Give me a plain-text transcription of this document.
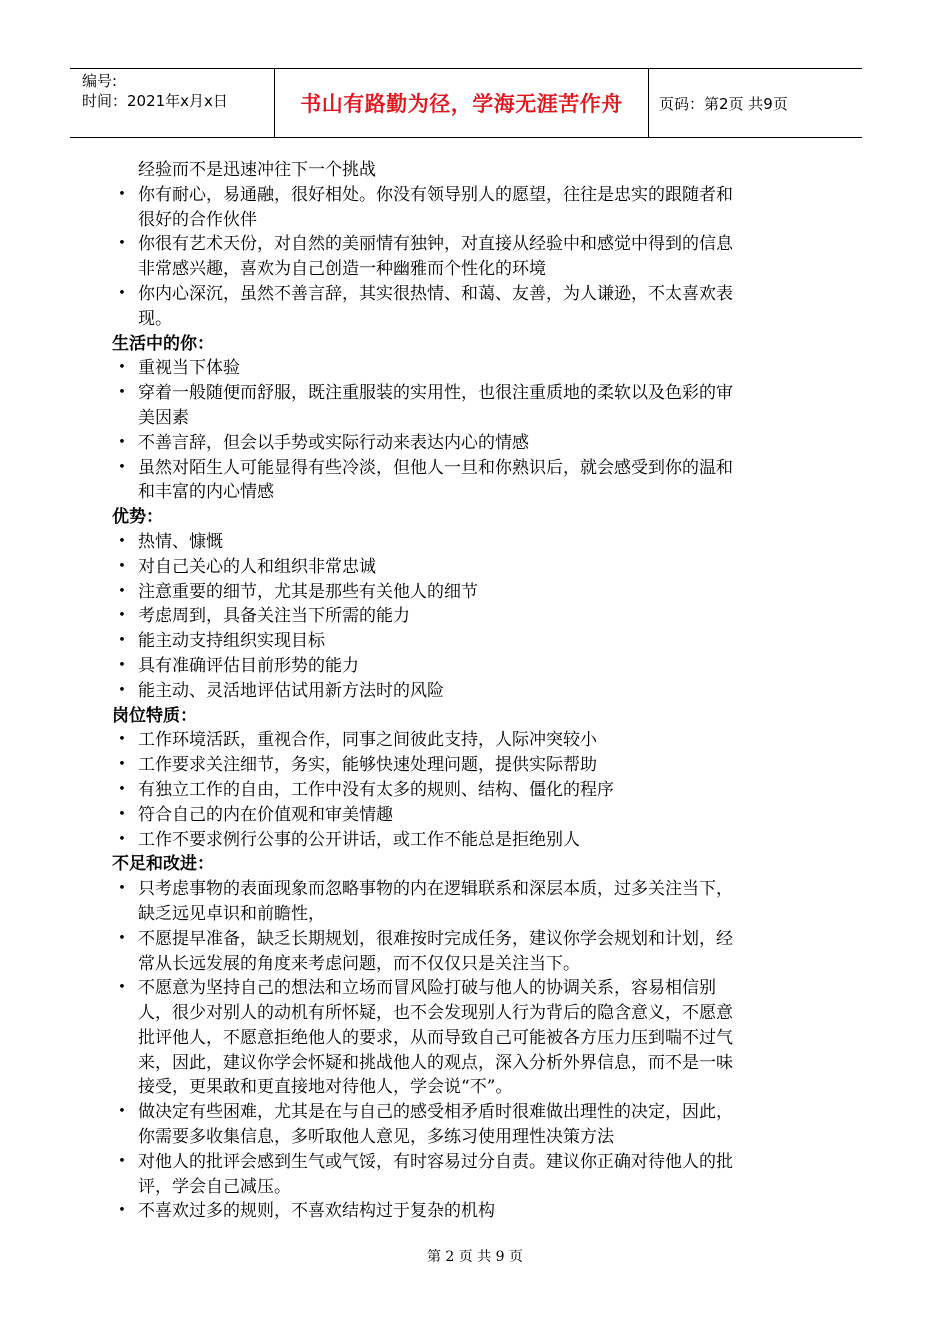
编号:
时间：2021年x月x日	书山有路勤为径，学海无涯苦作舟	页码：第2页 共9页
经验而不是迅速冲往下一个挑战
• 你有耐心，易通融，很好相处。你没有领导别人的愿望，往往是忠实的跟随者和
很好的合作伙伴
• 你很有艺术天份，对自然的美丽情有独钟，对直接从经验中和感觉中得到的信息
非常感兴趣，喜欢为自己创造一种幽雅而个性化的环境
• 你内心深沉，虽然不善言辞，其实很热情、和蔼、友善，为人谦逊，不太喜欢表
现。
生活中的你：
• 重视当下体验
• 穿着一般随便而舒服，既注重服装的实用性，也很注重质地的柔软以及色彩的审
美因素
• 不善言辞，但会以手势或实际行动来表达内心的情感
• 虽然对陌生人可能显得有些冷淡，但他人一旦和你熟识后，就会感受到你的温和
和丰富的内心情感
优势：
• 热情、慷慨
• 对自己关心的人和组织非常忠诚
• 注意重要的细节，尤其是那些有关他人的细节
• 考虑周到，具备关注当下所需的能力
• 能主动支持组织实现目标
• 具有准确评估目前形势的能力
• 能主动、灵活地评估试用新方法时的风险
岗位特质：
• 工作环境活跃，重视合作，同事之间彼此支持，人际冲突较小
• 工作要求关注细节，务实，能够快速处理问题，提供实际帮助
• 有独立工作的自由，工作中没有太多的规则、结构、僵化的程序
• 符合自己的内在价值观和审美情趣
• 工作不要求例行公事的公开讲话，或工作不能总是拒绝别人
不足和改进：
• 只考虑事物的表面现象而忽略事物的内在逻辑联系和深层本质，过多关注当下，
缺乏远见卓识和前瞻性，
• 不愿提早准备，缺乏长期规划，很难按时完成任务，建议你学会规划和计划，经
常从长远发展的角度来考虑问题，而不仅仅只是关注当下。
• 不愿意为坚持自己的想法和立场而冒风险打破与他人的协调关系，容易相信别
人，很少对别人的动机有所怀疑，也不会发现别人行为背后的隐含意义，不愿意
批评他人，不愿意拒绝他人的要求，从而导致自己可能被各方压力压到喘不过气
来，因此，建议你学会怀疑和挑战他人的观点，深入分析外界信息，而不是一味
接受，更果敢和更直接地对待他人，学会说“不”。
• 做决定有些困难，尤其是在与自己的感受相矛盾时很难做出理性的决定，因此，
你需要多收集信息，多听取他人意见，多练习使用理性决策方法
• 对他人的批评会感到生气或气馁，有时容易过分自责。建议你正确对待他人的批
评，学会自己减压。
• 不喜欢过多的规则，不喜欢结构过于复杂的机构
第 2 页 共 9 页
